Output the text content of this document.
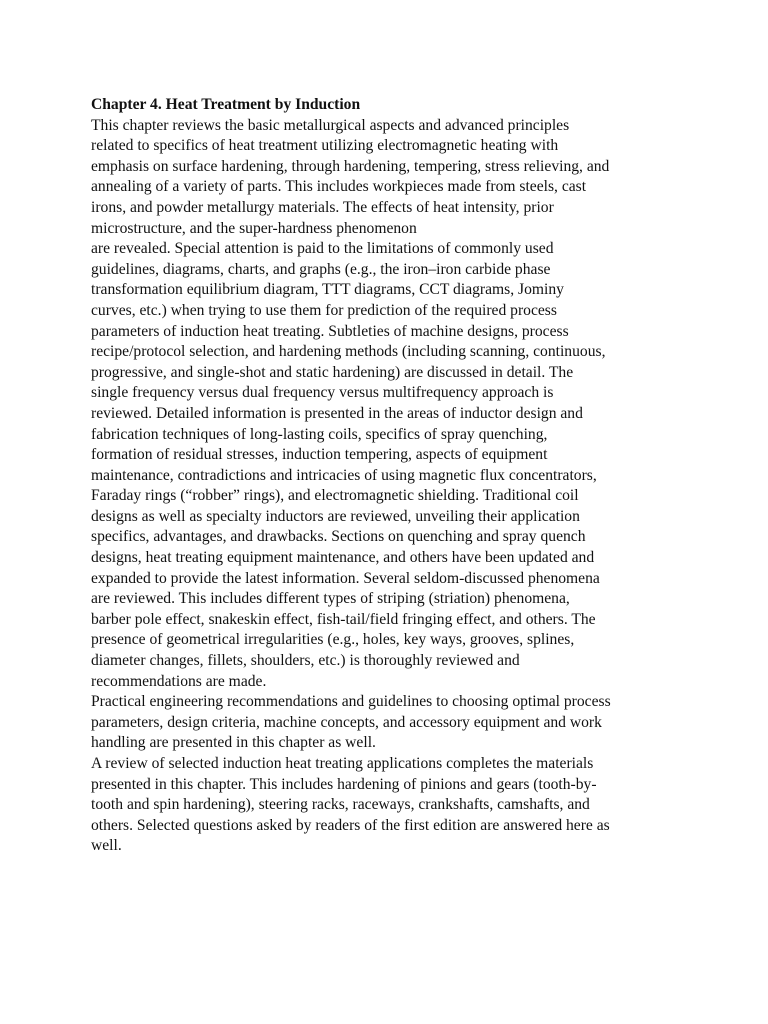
Chapter 4. Heat Treatment by Induction
This chapter reviews the basic metallurgical aspects and advanced principles
related to specifics of heat treatment utilizing electromagnetic heating with
emphasis on surface hardening, through hardening, tempering, stress relieving, and
annealing of a variety of parts. This includes workpieces made from steels, cast
irons, and powder metallurgy materials. The effects of heat intensity, prior
microstructure, and the super-hardness phenomenon
are revealed. Special attention is paid to the limitations of commonly used
guidelines, diagrams, charts, and graphs (e.g., the iron–iron carbide phase
transformation equilibrium diagram, TTT diagrams, CCT diagrams, Jominy
curves, etc.) when trying to use them for prediction of the required process
parameters of induction heat treating. Subtleties of machine designs, process
recipe/protocol selection, and hardening methods (including scanning, continuous,
progressive, and single-shot and static hardening) are discussed in detail. The
single frequency versus dual frequency versus multifrequency approach is
reviewed. Detailed information is presented in the areas of inductor design and
fabrication techniques of long-lasting coils, specifics of spray quenching,
formation of residual stresses, induction tempering, aspects of equipment
maintenance, contradictions and intricacies of using magnetic flux concentrators,
Faraday rings (“robber” rings), and electromagnetic shielding. Traditional coil
designs as well as specialty inductors are reviewed, unveiling their application
specifics, advantages, and drawbacks. Sections on quenching and spray quench
designs, heat treating equipment maintenance, and others have been updated and
expanded to provide the latest information. Several seldom-discussed phenomena
are reviewed. This includes different types of striping (striation) phenomena,
barber pole effect, snakeskin effect, fish-tail/field fringing effect, and others. The
presence of geometrical irregularities (e.g., holes, key ways, grooves, splines,
diameter changes, fillets, shoulders, etc.) is thoroughly reviewed and
recommendations are made.
Practical engineering recommendations and guidelines to choosing optimal process
parameters, design criteria, machine concepts, and accessory equipment and work
handling are presented in this chapter as well.
A review of selected induction heat treating applications completes the materials
presented in this chapter. This includes hardening of pinions and gears (tooth-by-
tooth and spin hardening), steering racks, raceways, crankshafts, camshafts, and
others. Selected questions asked by readers of the first edition are answered here as
well.
